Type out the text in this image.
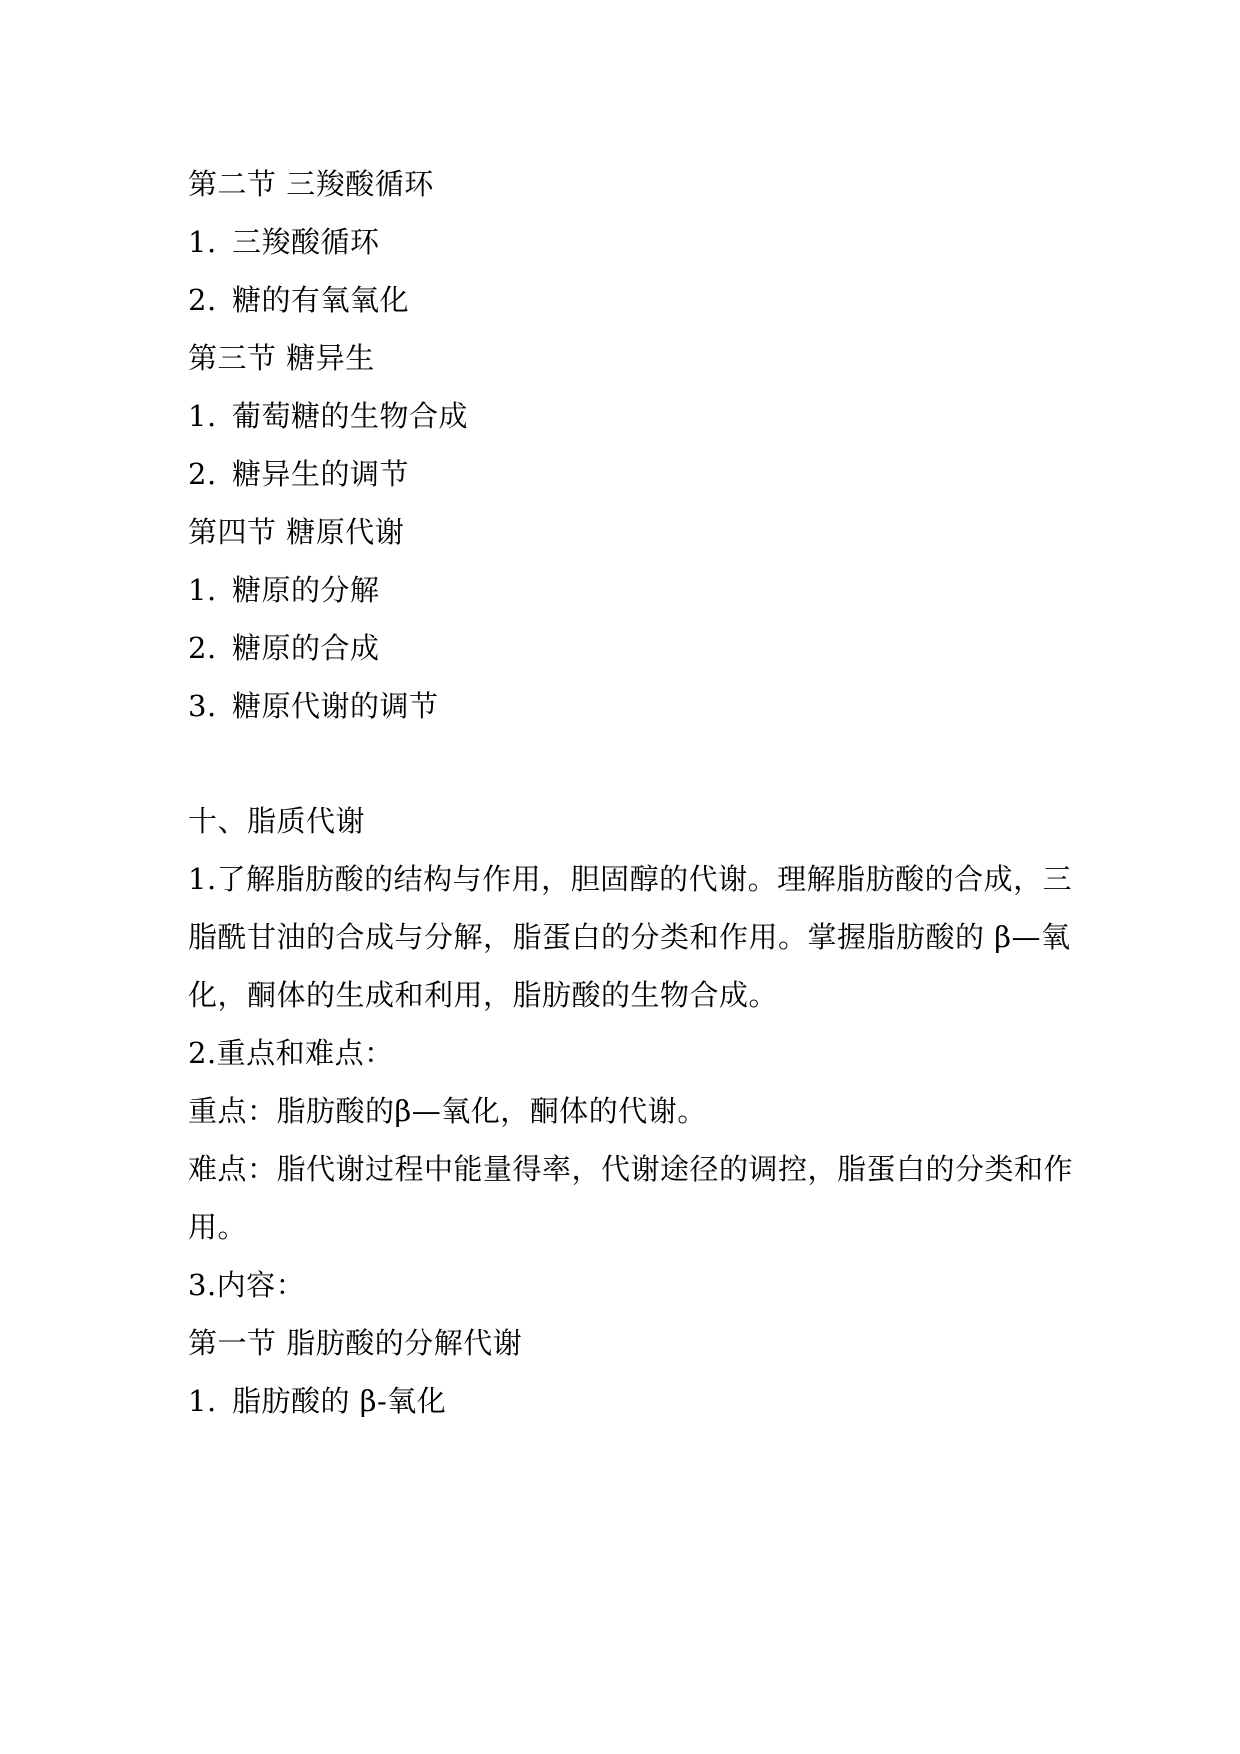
第二节 三羧酸循环
1. 三羧酸循环
2. 糖的有氧氧化
第三节 糖异生
1. 葡萄糖的生物合成
2. 糖异生的调节
第四节 糖原代谢
1. 糖原的分解
2. 糖原的合成
3. 糖原代谢的调节
十、脂质代谢
1.了解脂肪酸的结构与作用，胆固醇的代谢。理解脂肪酸的合成，三
脂酰甘油的合成与分解，脂蛋白的分类和作用。掌握脂肪酸的 β—氧
化，酮体的生成和利用，脂肪酸的生物合成。
2.重点和难点：
重点：脂肪酸的β—氧化，酮体的代谢。
难点：脂代谢过程中能量得率，代谢途径的调控，脂蛋白的分类和作
用。
3.内容：
第一节 脂肪酸的分解代谢
1. 脂肪酸的 β-氧化
